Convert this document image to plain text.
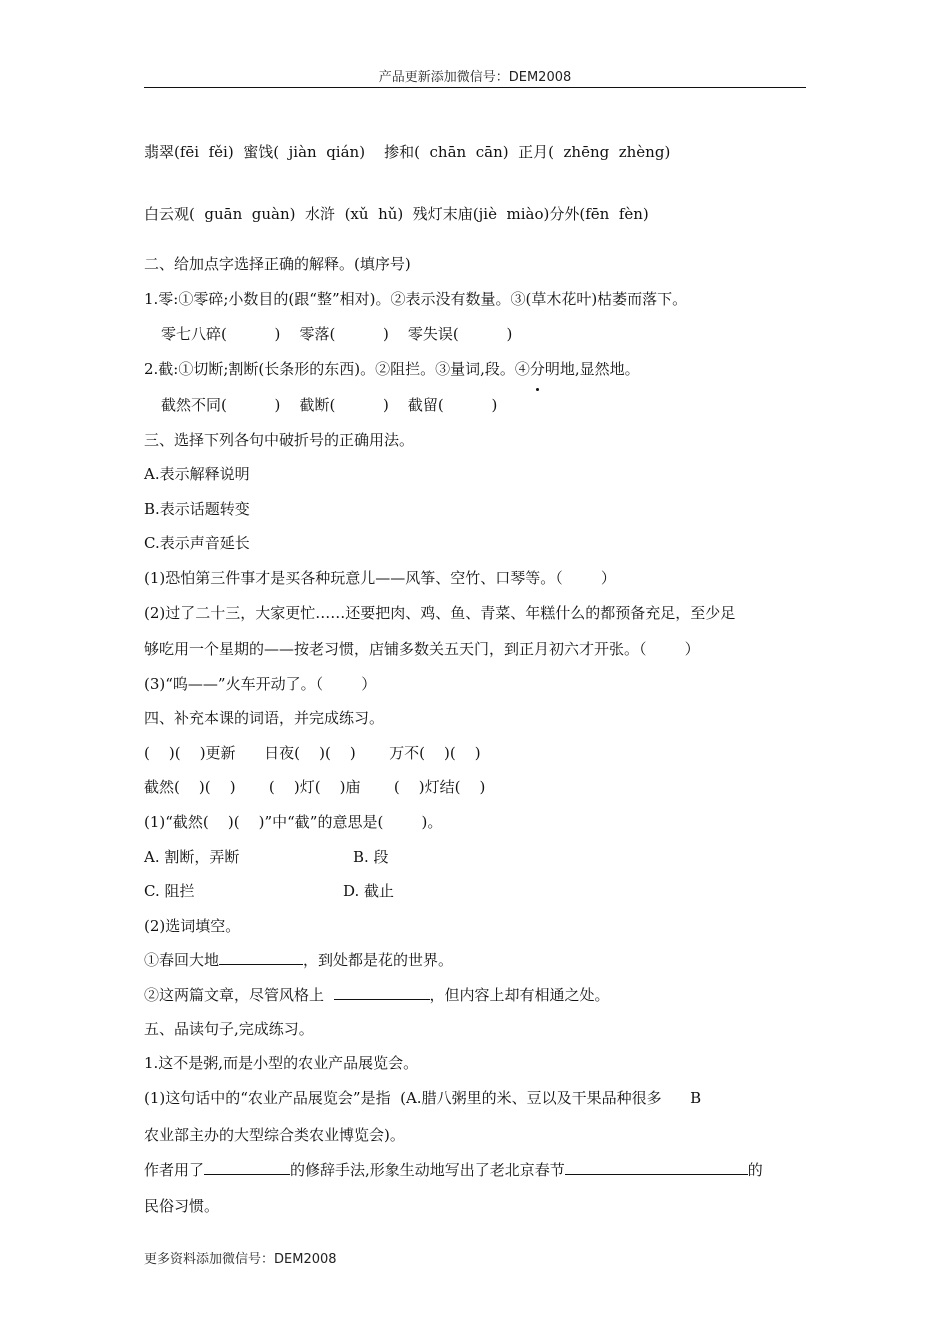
产品更新添加微信号：DEM2008
翡翠(fēi  fěi)  蜜饯(  jiàn  qián)    掺和(  chān  cān)  正月(  zhēng  zhèng)
白云观(  guān  guàn)  水浒  (xǔ  hǔ)  残灯末庙(jiè  miào)分外(fēn  fèn)
二、给加点字选择正确的解释。(填序号)
1.零:①零碎;小数目的(跟“整”相对)。②表示没有数量。③(草木花叶)枯萎而落下。
零七八碎(          )    零落(          )    零失误(          )
2.截:①切断;割断(长条形的东西)。②阻拦。③量词,段。④分明地,显然地。
截然不同(          )    截断(          )    截留(          )
三、选择下列各句中破折号的正确用法。
A.表示解释说明
B.表示话题转变
C.表示声音延长
(1)恐怕第三件事才是买各种玩意儿——风筝、空竹、口琴等。（        ）
(2)过了二十三，大家更忙……还要把肉、鸡、鱼、青菜、年糕什么的都预备充足，至少足
够吃用一个星期的——按老习惯，店铺多数关五天门，到正月初六才开张。（        ）
(3)“呜——”火车开动了。（        ）
四、补充本课的词语，并完成练习。
(    )(    )更新      日夜(    )(    )       万不(    )(    )
截然(    )(    )       (    )灯(    )庙       (    )灯结(    )
(1)“截然(    )(    )”中“截”的意思是(        )。
A. 割断，弄断	B. 段
C. 阻拦	D. 截止
(2)选词填空。
①春回大地	，到处都是花的世界。
②这两篇文章，尽管风格上	，但内容上却有相通之处。
五、品读句子,完成练习。
1.这不是粥,而是小型的农业产品展览会。
(1)这句话中的“农业产品展览会”是指  (A.腊八粥里的米、豆以及干果品种很多      B
农业部主办的大型综合类农业博览会)。
作者用了	的修辞手法,形象生动地写出了老北京春节	的
民俗习惯。
更多资料添加微信号：DEM2008
